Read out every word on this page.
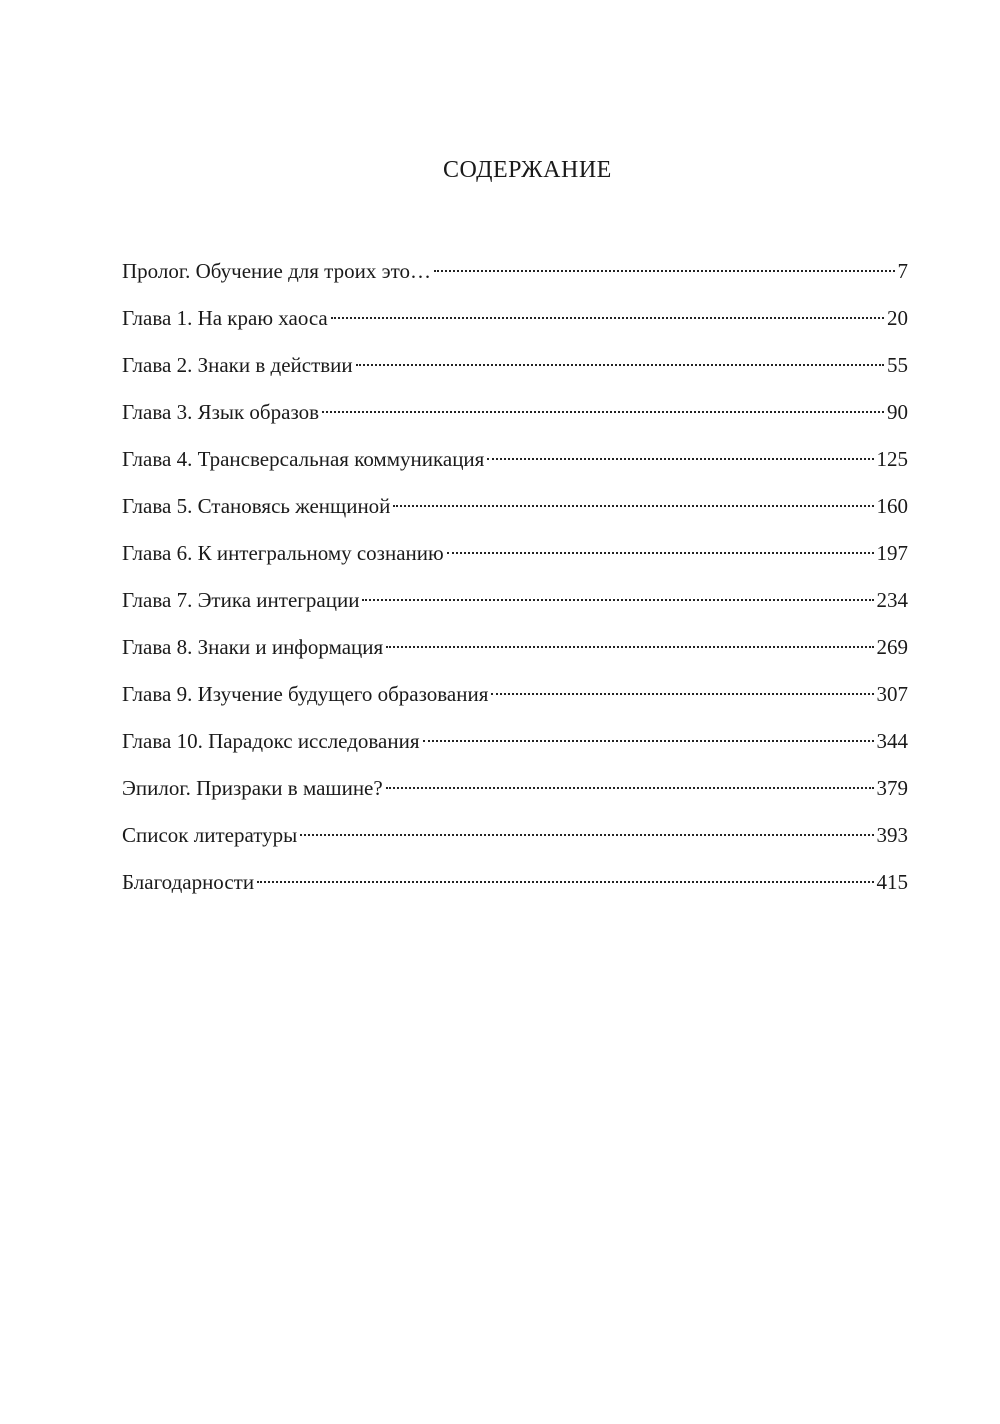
СОДЕРЖАНИЕ
Пролог. Обучение для троих это…	7
Глава 1. На краю хаоса	20
Глава 2. Знаки в действии	55
Глава 3. Язык образов	90
Глава 4. Трансверсальная коммуникация	125
Глава 5. Становясь женщиной	160
Глава 6. К интегральному сознанию	197
Глава 7. Этика интеграции	234
Глава 8. Знаки и информация	269
Глава 9. Изучение будущего образования	307
Глава 10. Парадокс исследования	344
Эпилог. Призраки в машине?	379
Список литературы	393
Благодарности	415
